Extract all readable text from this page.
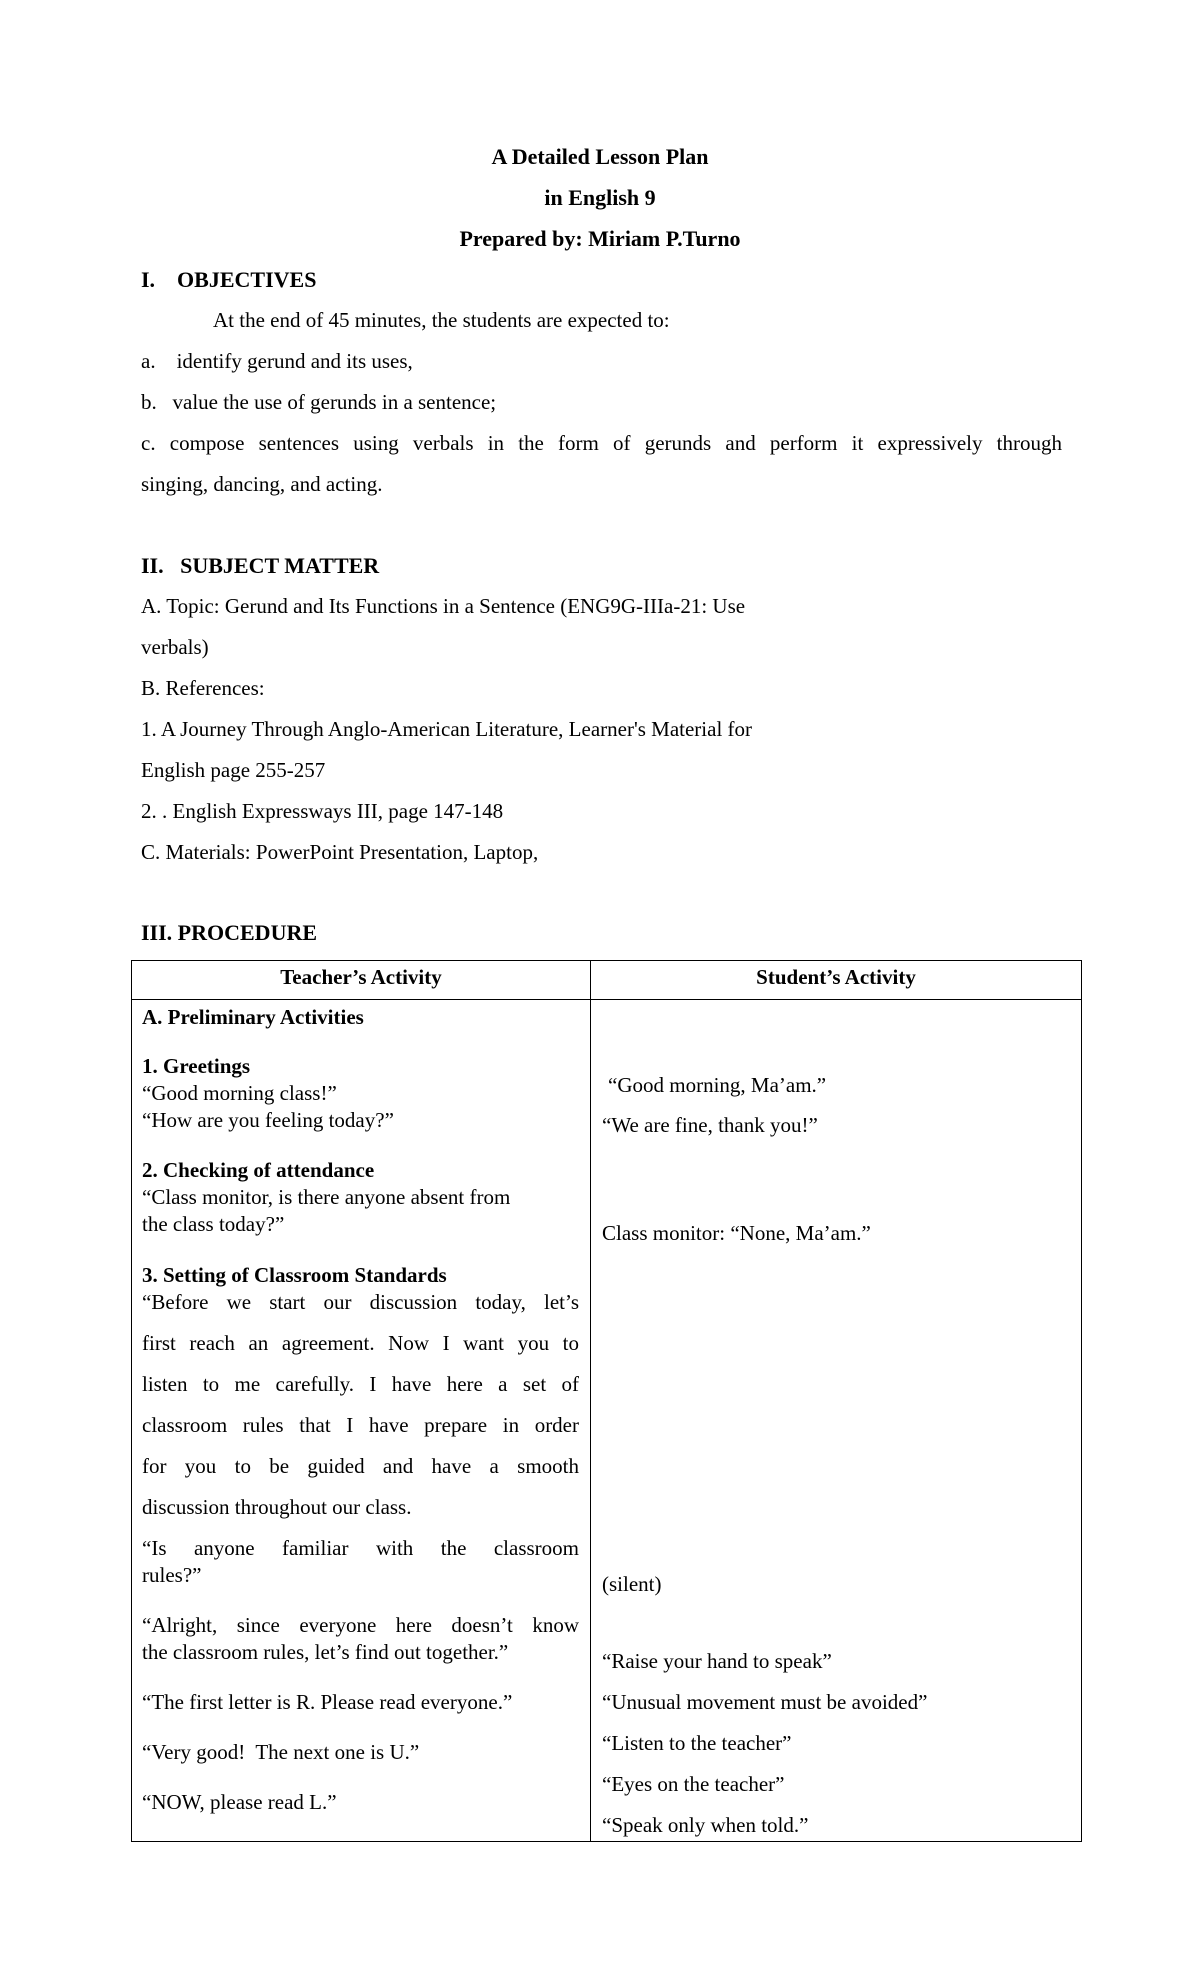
A Detailed Lesson Plan
in English 9
Prepared by: Miriam P.Turno
I.    OBJECTIVES
At the end of 45 minutes, the students are expected to:
a.    identify gerund and its uses,
b.   value the use of gerunds in a sentence;
c. compose sentences using verbals in the form of gerunds and perform it expressively through
singing, dancing, and acting.
II.   SUBJECT MATTER
A. Topic: Gerund and Its Functions in a Sentence (ENG9G-IIIa-21: Use
verbals)
B. References:
1. A Journey Through Anglo-American Literature, Learner's Material for
English page 255-257
2. . English Expressways III, page 147-148
C. Materials: PowerPoint Presentation, Laptop,
III. PROCEDURE
Teacher’s Activity	Student’s Activity
A. Preliminary Activities
1. Greetings
“Good morning class!”
“How are you feeling today?”
2. Checking of attendance
“Class monitor, is there anyone absent from
the class today?”
3. Setting of Classroom Standards
“Before we start our discussion today, let’s
first reach an agreement. Now I want you to
listen to me carefully. I have here a set of
classroom rules that I have prepare in order
for you to be guided and have a smooth
discussion throughout our class.
“Is anyone familiar with the classroom
rules?”
“Alright, since everyone here doesn’t know
the classroom rules, let’s find out together.”
“The first letter is R. Please read everyone.”
“Very good!  The next one is U.”
“NOW, please read L.”
“Good morning, Ma’am.”
“We are fine, thank you!”
Class monitor: “None, Ma’am.”
(silent)
“Raise your hand to speak”
“Unusual movement must be avoided”
“Listen to the teacher”
“Eyes on the teacher”
“Speak only when told.”
